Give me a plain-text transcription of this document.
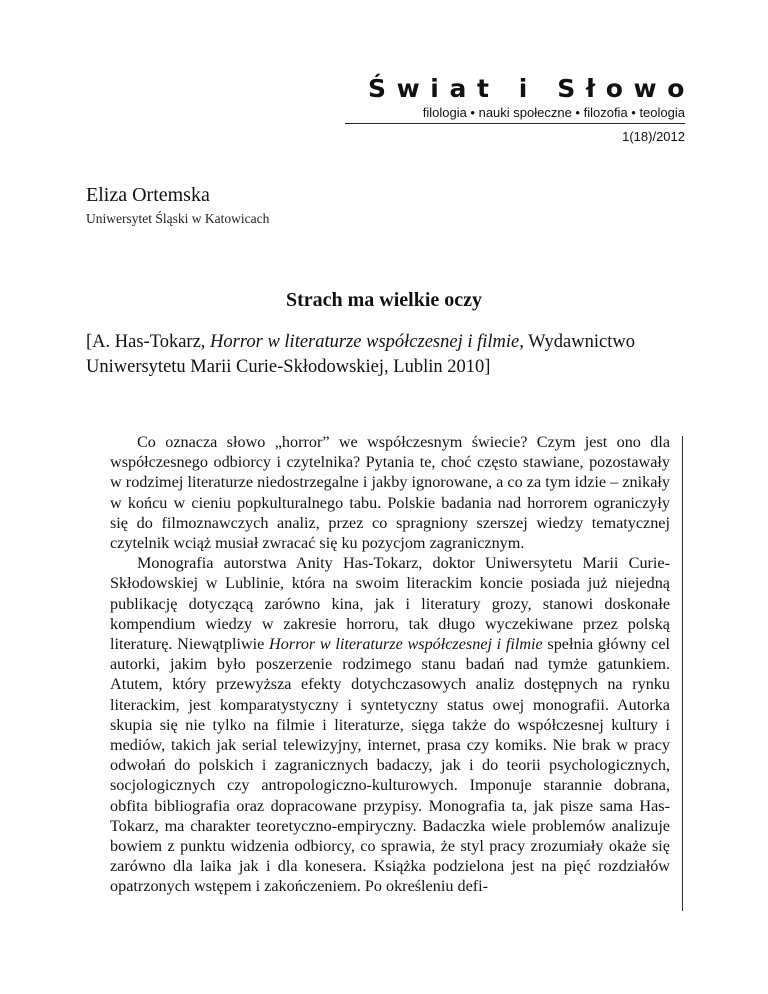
Świat i Słowo
filologia • nauki społeczne • filozofia • teologia
1(18)/2012
Eliza Ortemska
Uniwersytet Śląski w Katowicach
Strach ma wielkie oczy
[A. Has-Tokarz, Horror w literaturze współczesnej i filmie, Wydawnictwo Uniwersytetu Marii Curie-Skłodowskiej, Lublin 2010]

Co oznacza słowo „horror” we współczesnym świecie? Czym jest ono dla współczesnego odbiorcy i czytelnika? Pytania te, choć często stawiane, pozostawały w rodzimej literaturze niedostrzegalne i jakby ignorowane, a co za tym idzie – znikały w końcu w cieniu popkulturalnego tabu. Polskie badania nad horrorem ograniczyły się do filmoznawczych analiz, przez co spragniony szerszej wiedzy tematycznej czytelnik wciąż musiał zwracać się ku pozycjom zagranicznym.

Monografia autorstwa Anity Has-Tokarz, doktor Uniwersytetu Marii Curie-Skłodowskiej w Lublinie, która na swoim literackim koncie posiada już niejedną publikację dotyczącą zarówno kina, jak i literatury grozy, stanowi doskonałe kompendium wiedzy w zakresie horroru, tak długo wyczekiwane przez polską literaturę. Niewątpliwie Horror w literaturze współczesnej i filmie spełnia główny cel autorki, jakim było poszerzenie rodzimego stanu badań nad tymże gatunkiem. Atutem, który przewyższa efekty dotychczasowych analiz dostępnych na rynku literackim, jest komparatystyczny i syntetyczny status owej monografii. Autorka skupia się nie tylko na filmie i literaturze, sięga także do współczesnej kultury i mediów, takich jak serial telewizyjny, internet, prasa czy komiks. Nie brak w pracy odwołań do polskich i zagranicznych badaczy, jak i do teorii psychologicznych, socjologicznych czy antropologiczno-kulturowych. Imponuje starannie dobrana, obfita bibliografia oraz dopracowane przypisy. Monografia ta, jak pisze sama Has-Tokarz, ma charakter teoretyczno-empiryczny. Badaczka wiele problemów analizuje bowiem z punktu widzenia odbiorcy, co sprawia, że styl pracy zrozumiały okaże się zarówno dla laika jak i dla konesera. Książka podzielona jest na pięć rozdziałów opatrzonych wstępem i zakończeniem. Po określeniu defi-
